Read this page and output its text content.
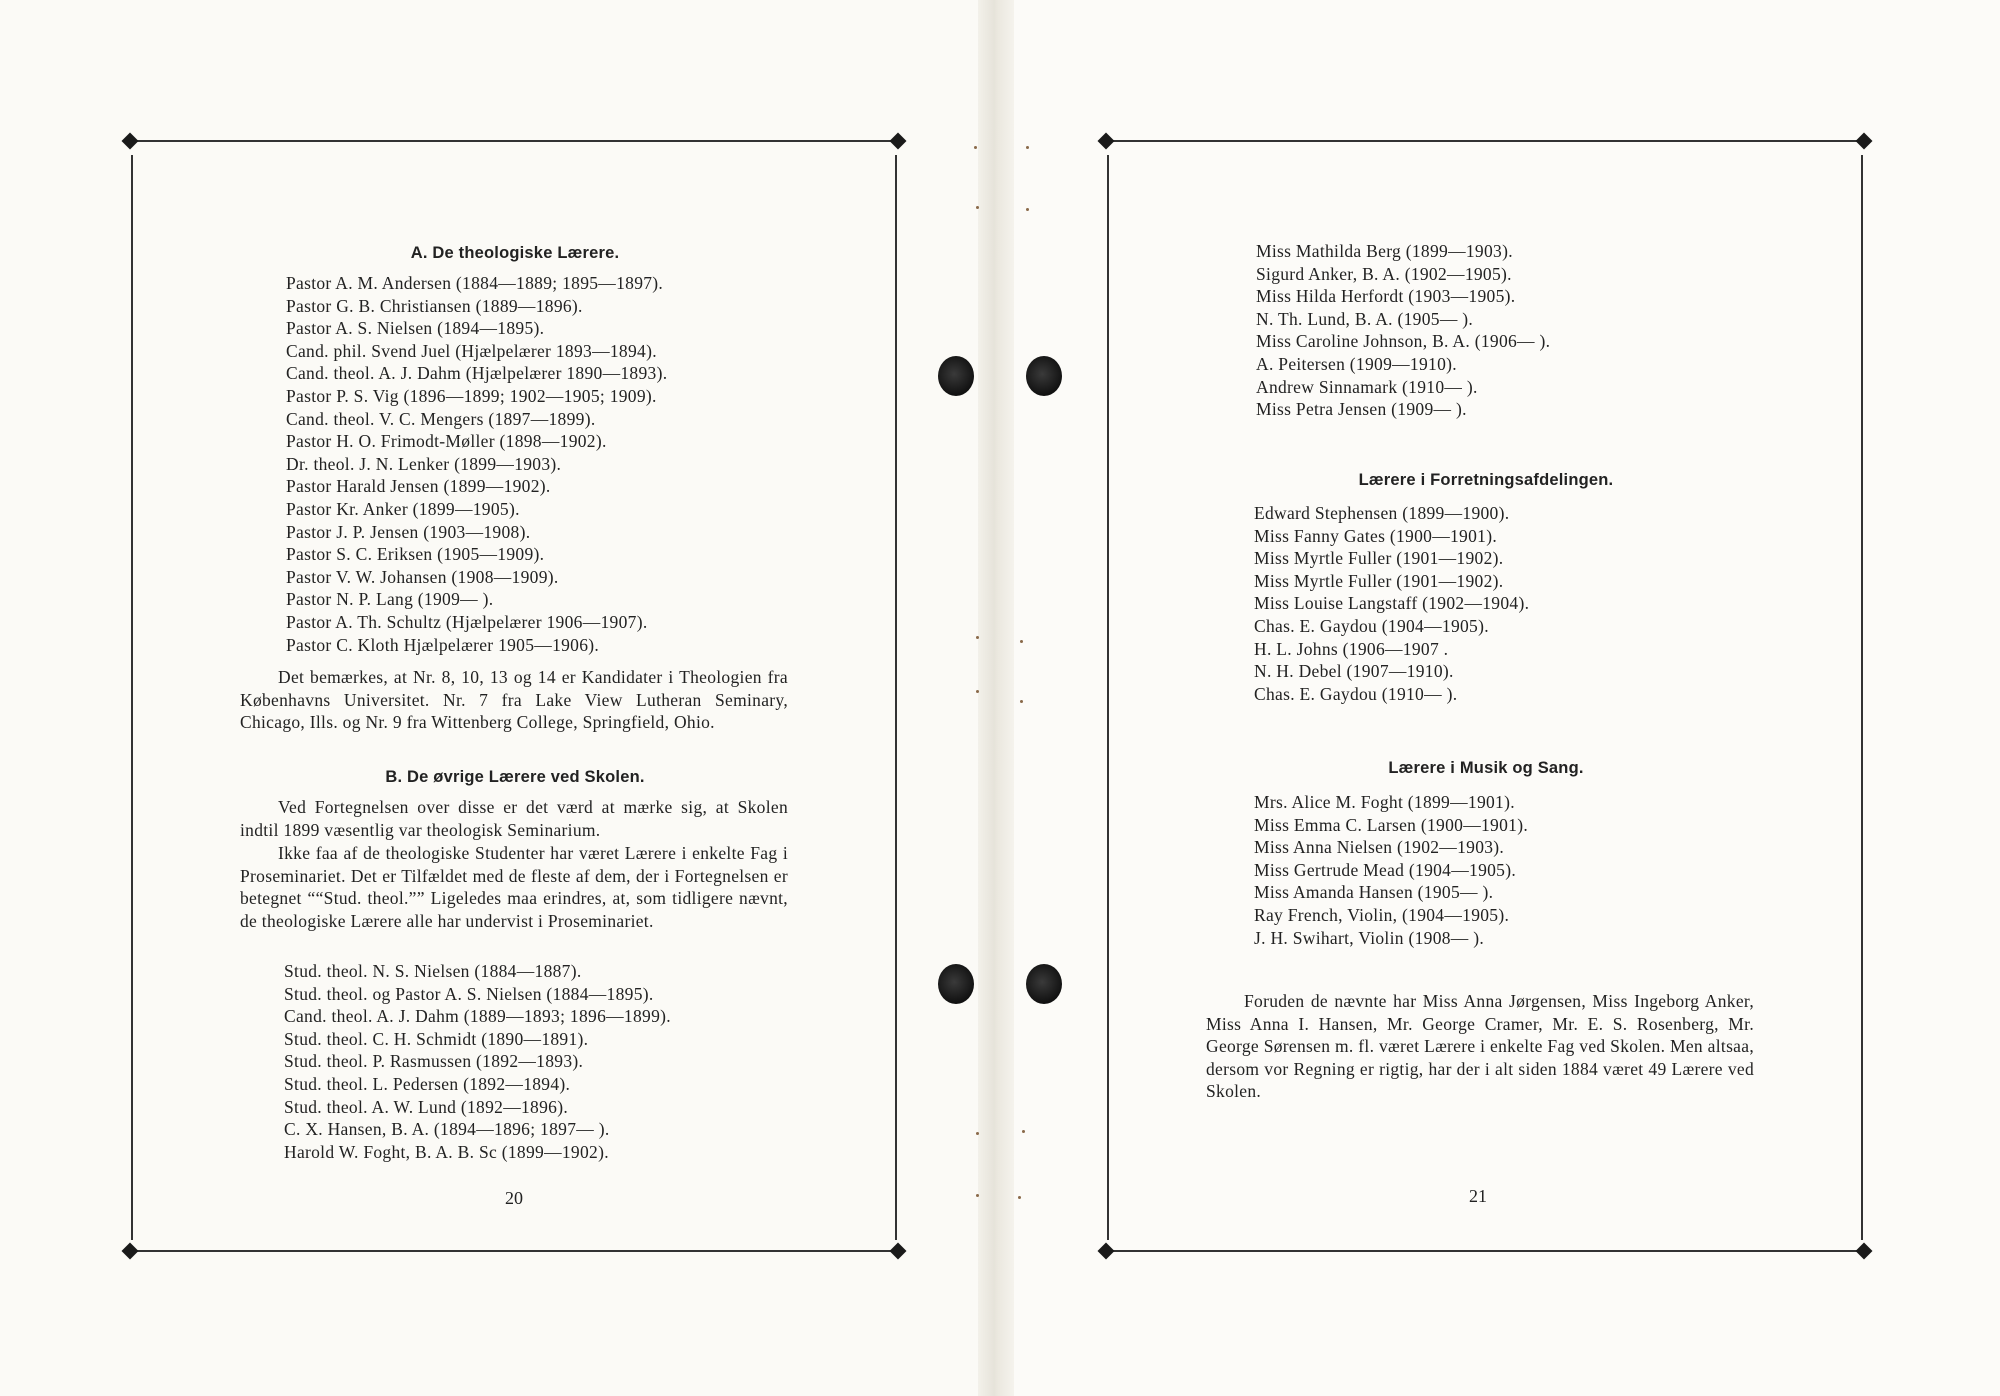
A. De theologiske Lærere.
Pastor A. M. Andersen (1884—1889; 1895—1897).
Pastor G. B. Christiansen (1889—1896).
Pastor A. S. Nielsen (1894—1895).
Cand. phil. Svend Juel (Hjælpelærer 1893—1894).
Cand. theol. A. J. Dahm (Hjælpelærer 1890—1893).
Pastor P. S. Vig (1896—1899; 1902—1905; 1909).
Cand. theol. V. C. Mengers (1897—1899).
Pastor H. O. Frimodt-Møller (1898—1902).
Dr. theol. J. N. Lenker (1899—1903).
Pastor Harald Jensen (1899—1902).
Pastor Kr. Anker (1899—1905).
Pastor J. P. Jensen (1903—1908).
Pastor S. C. Eriksen (1905—1909).
Pastor V. W. Johansen (1908—1909).
Pastor N. P. Lang (1909— ).
Pastor A. Th. Schultz (Hjælpelærer 1906—1907).
Pastor C. Kloth Hjælpelærer 1905—1906).
Det bemærkes, at Nr. 8, 10, 13 og 14 er Kandidater i Theologien fra Københavns Universitet. Nr. 7 fra Lake View Lutheran Seminary, Chicago, Ills. og Nr. 9 fra Wittenberg College, Springfield, Ohio.
B. De øvrige Lærere ved Skolen.
Ved Fortegnelsen over disse er det værd at mærke sig, at Skolen indtil 1899 væsentlig var theologisk Seminarium.
Ikke faa af de theologiske Studenter har været Lærere i enkelte Fag i Proseminariet. Det er Tilfældet med de fleste af dem, der i Fortegnelsen er betegnet ““Stud. theol.”” Ligeledes maa erindres, at, som tidligere nævnt, de theologiske Lærere alle har undervist i Proseminariet.
Stud. theol. N. S. Nielsen (1884—1887).
Stud. theol. og Pastor A. S. Nielsen (1884—1895).
Cand. theol. A. J. Dahm (1889—1893; 1896—1899).
Stud. theol. C. H. Schmidt (1890—1891).
Stud. theol. P. Rasmussen (1892—1893).
Stud. theol. L. Pedersen (1892—1894).
Stud. theol. A. W. Lund (1892—1896).
C. X. Hansen, B. A. (1894—1896; 1897— ).
Harold W. Foght, B. A. B. Sc (1899—1902).
20
Miss Mathilda Berg (1899—1903).
Sigurd Anker, B. A. (1902—1905).
Miss Hilda Herfordt (1903—1905).
N. Th. Lund, B. A. (1905— ).
Miss Caroline Johnson, B. A. (1906— ).
A. Peitersen (1909—1910).
Andrew Sinnamark (1910— ).
Miss Petra Jensen (1909— ).
Lærere i Forretningsafdelingen.
Edward Stephensen (1899—1900).
Miss Fanny Gates (1900—1901).
Miss Myrtle Fuller (1901—1902).
Miss Myrtle Fuller (1901—1902).
Miss Louise Langstaff (1902—1904).
Chas. E. Gaydou (1904—1905).
H. L. Johns (1906—1907 .
N. H. Debel (1907—1910).
Chas. E. Gaydou (1910— ).
Lærere i Musik og Sang.
Mrs. Alice M. Foght (1899—1901).
Miss Emma C. Larsen (1900—1901).
Miss Anna Nielsen (1902—1903).
Miss Gertrude Mead (1904—1905).
Miss Amanda Hansen (1905— ).
Ray French, Violin, (1904—1905).
J. H. Swihart, Violin (1908— ).
Foruden de nævnte har Miss Anna Jørgensen, Miss Ingeborg Anker, Miss Anna I. Hansen, Mr. George Cramer, Mr. E. S. Rosenberg, Mr. George Sørensen m. fl. været Lærere i enkelte Fag ved Skolen. Men altsaa, dersom vor Regning er rigtig, har der i alt siden 1884 været 49 Lærere ved Skolen.
21
